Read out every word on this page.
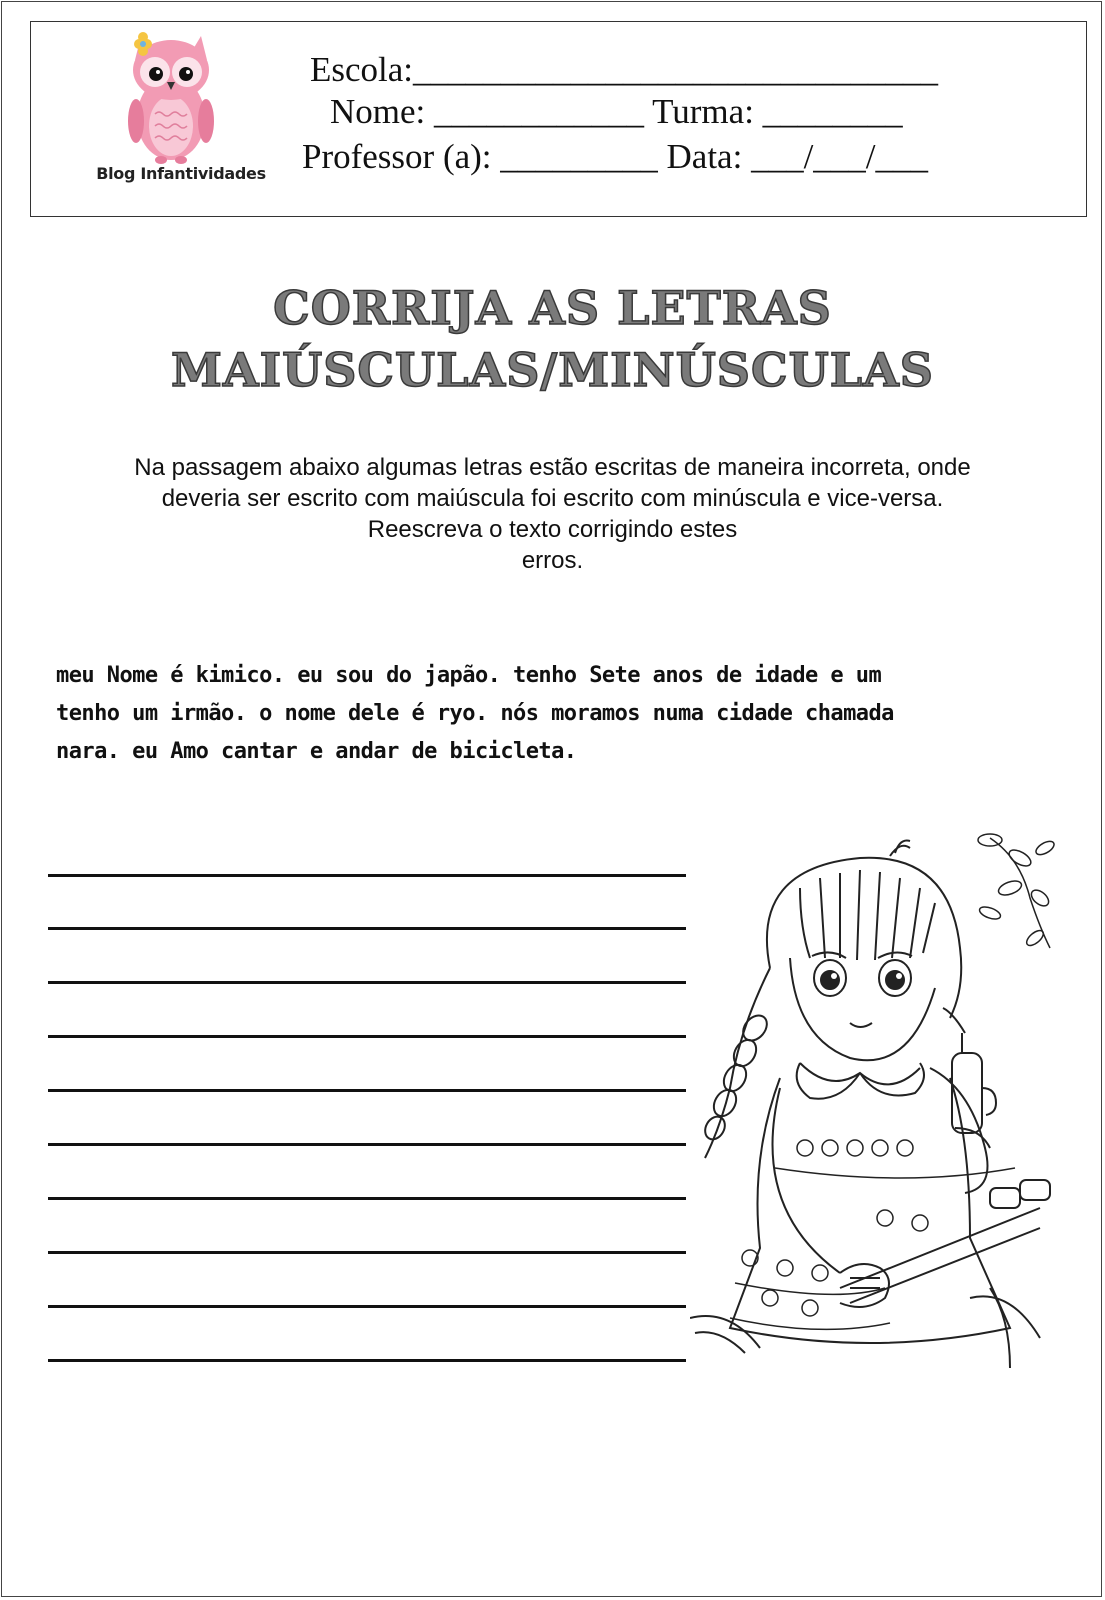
Blog Infantividades
Escola:______________________________
Nome: ____________ Turma: ________
Professor (a): _________ Data: ___/___/___
CORRIJA AS LETRAS
MAIÚSCULAS/MINÚSCULAS
Na passagem abaixo algumas letras estão escritas de maneira incorreta, onde
deveria ser escrito com maiúscula foi escrito com minúscula e vice-versa.
Reescreva o texto corrigindo estes
erros.
meu Nome é kimico. eu sou do japão. tenho Sete anos de idade e um
tenho um irmão. o nome dele é ryo. nós moramos numa cidade chamada
nara. eu Amo cantar e andar de bicicleta.
